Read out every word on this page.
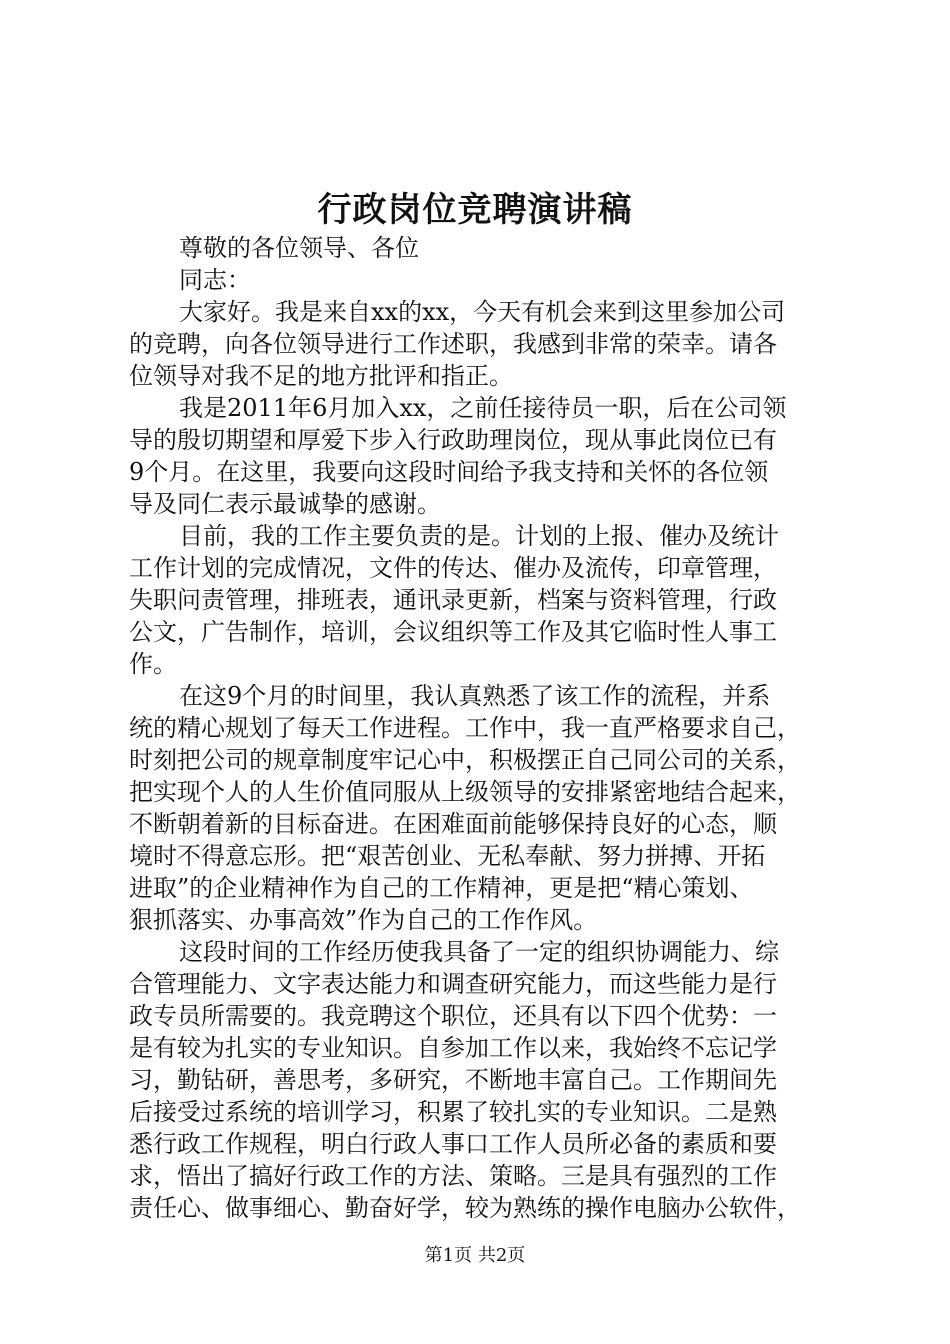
行政岗位竞聘演讲稿
尊敬的各位领导、各位
同志：
大家好。我是来自xx的xx，今天有机会来到这里参加公司
的竞聘，向各位领导进行工作述职，我感到非常的荣幸。请各
位领导对我不足的地方批评和指正。
我是2011年6月加入xx，之前任接待员一职，后在公司领
导的殷切期望和厚爱下步入行政助理岗位，现从事此岗位已有
9个月。在这里，我要向这段时间给予我支持和关怀的各位领
导及同仁表示最诚挚的感谢。
目前，我的工作主要负责的是。计划的上报、催办及统计
工作计划的完成情况，文件的传达、催办及流传，印章管理，
失职问责管理，排班表，通讯录更新，档案与资料管理，行政
公文，广告制作，培训，会议组织等工作及其它临时性人事工
作。
在这9个月的时间里，我认真熟悉了该工作的流程，并系
统的精心规划了每天工作进程。工作中，我一直严格要求自己，
时刻把公司的规章制度牢记心中，积极摆正自己同公司的关系，
把实现个人的人生价值同服从上级领导的安排紧密地结合起来，
不断朝着新的目标奋进。在困难面前能够保持良好的心态，顺
境时不得意忘形。把“艰苦创业、无私奉献、努力拼搏、开拓
进取”的企业精神作为自己的工作精神，更是把“精心策划、
狠抓落实、办事高效”作为自己的工作作风。
这段时间的工作经历使我具备了一定的组织协调能力、综
合管理能力、文字表达能力和调查研究能力，而这些能力是行
政专员所需要的。我竞聘这个职位，还具有以下四个优势：一
是有较为扎实的专业知识。自参加工作以来，我始终不忘记学
习，勤钻研，善思考，多研究，不断地丰富自己。工作期间先
后接受过系统的培训学习，积累了较扎实的专业知识。二是熟
悉行政工作规程，明白行政人事口工作人员所必备的素质和要
求，悟出了搞好行政工作的方法、策略。三是具有强烈的工作
责任心、做事细心、勤奋好学，较为熟练的操作电脑办公软件，
第1页 共2页
